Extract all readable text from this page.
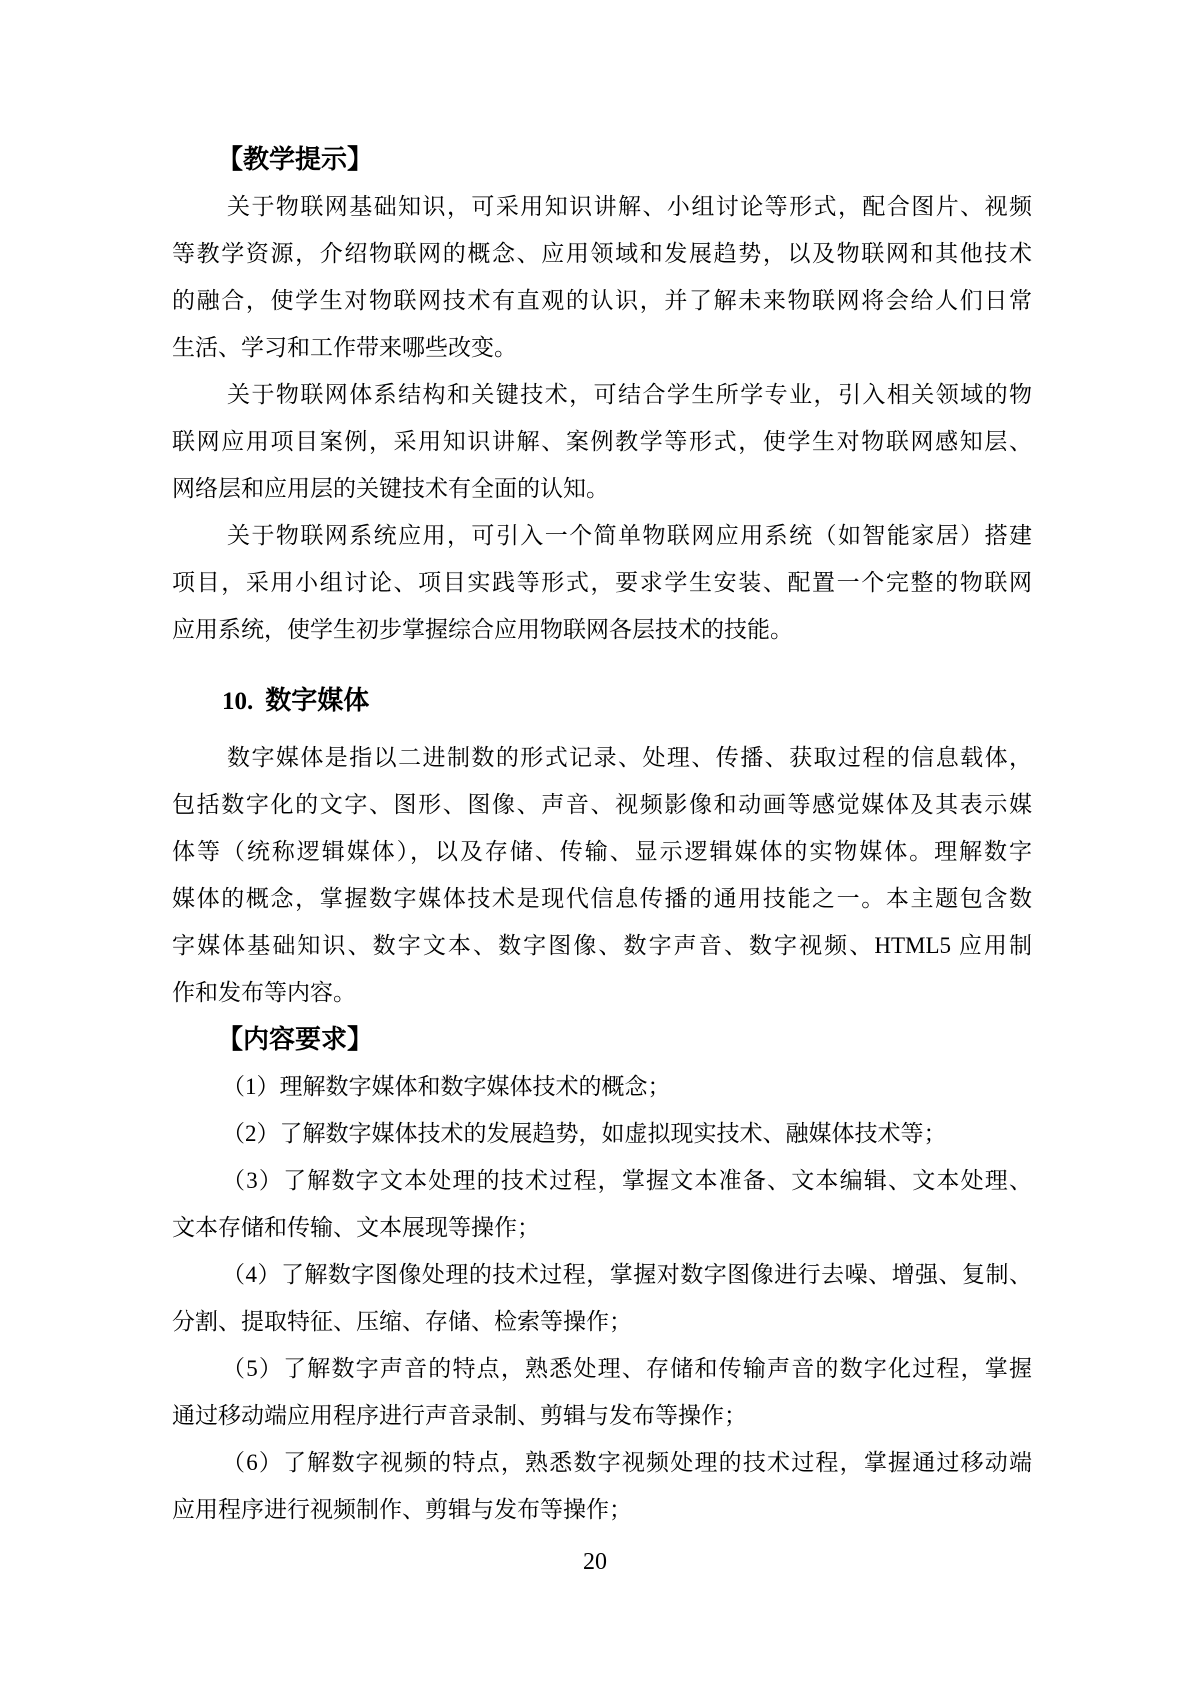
【教学提示】
关于物联网基础知识，可采用知识讲解、小组讨论等形式，配合图片、视频
等教学资源，介绍物联网的概念、应用领域和发展趋势，以及物联网和其他技术
的融合，使学生对物联网技术有直观的认识，并了解未来物联网将会给人们日常
生活、学习和工作带来哪些改变。
关于物联网体系结构和关键技术，可结合学生所学专业，引入相关领域的物
联网应用项目案例，采用知识讲解、案例教学等形式，使学生对物联网感知层、
网络层和应用层的关键技术有全面的认知。
关于物联网系统应用，可引入一个简单物联网应用系统（如智能家居）搭建
项目，采用小组讨论、项目实践等形式，要求学生安装、配置一个完整的物联网
应用系统，使学生初步掌握综合应用物联网各层技术的技能。
10. 数字媒体
数字媒体是指以二进制数的形式记录、处理、传播、获取过程的信息载体，
包括数字化的文字、图形、图像、声音、视频影像和动画等感觉媒体及其表示媒
体等（统称逻辑媒体），以及存储、传输、显示逻辑媒体的实物媒体。理解数字
媒体的概念，掌握数字媒体技术是现代信息传播的通用技能之一。本主题包含数
字媒体基础知识、数字文本、数字图像、数字声音、数字视频、HTML5 应用制
作和发布等内容。
【内容要求】
（1）理解数字媒体和数字媒体技术的概念；
（2）了解数字媒体技术的发展趋势，如虚拟现实技术、融媒体技术等；
（3）了解数字文本处理的技术过程，掌握文本准备、文本编辑、文本处理、
文本存储和传输、文本展现等操作；
（4）了解数字图像处理的技术过程，掌握对数字图像进行去噪、增强、复制、
分割、提取特征、压缩、存储、检索等操作；
（5）了解数字声音的特点，熟悉处理、存储和传输声音的数字化过程，掌握
通过移动端应用程序进行声音录制、剪辑与发布等操作；
（6）了解数字视频的特点，熟悉数字视频处理的技术过程，掌握通过移动端
应用程序进行视频制作、剪辑与发布等操作；
20
